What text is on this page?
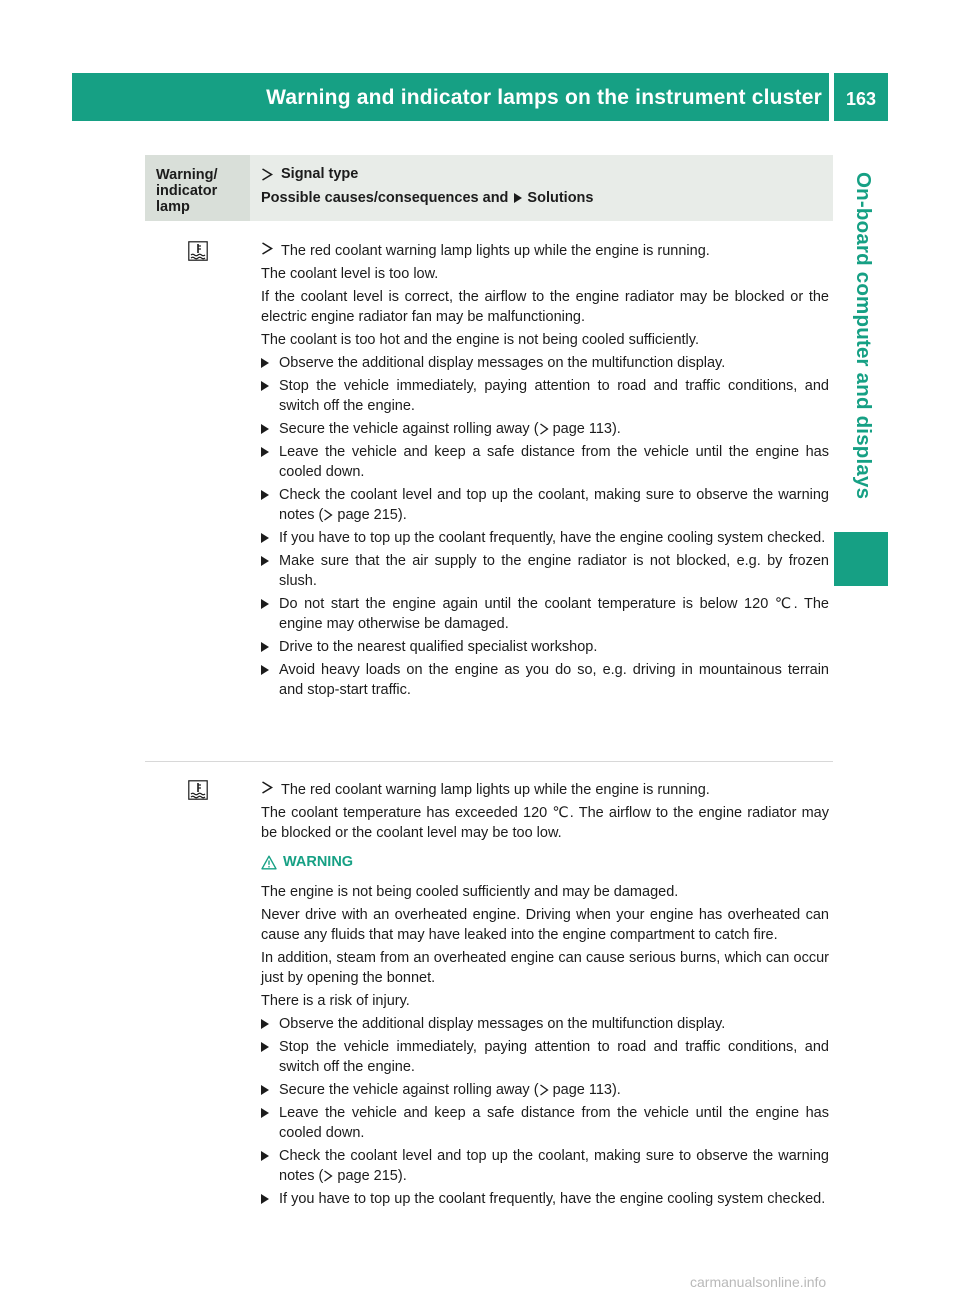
Warning and indicator lamps on the instrument cluster	163
On-board computer and displays
Warning/ indicator lamp
Signal type
Possible causes/consequences and Solutions

The red coolant warning lamp lights up while the engine is running.

The coolant level is too low.

If the coolant level is correct, the airflow to the engine radiator may be blocked or the electric engine radiator fan may be malfunctioning.

The coolant is too hot and the engine is not being cooled sufficiently.

Observe the additional display messages on the multifunction display.
Stop the vehicle immediately, paying attention to road and traffic conditions, and switch off the engine.
Secure the vehicle against rolling away ( page 113).
Leave the vehicle and keep a safe distance from the vehicle until the engine has cooled down.
Check the coolant level and top up the coolant, making sure to observe the warning notes ( page 215).
If you have to top up the coolant frequently, have the engine cooling system checked.
Make sure that the air supply to the engine radiator is not blocked, e.g. by frozen slush.
Do not start the engine again until the coolant temperature is below 120 ℃. The engine may otherwise be damaged.
Drive to the nearest qualified specialist workshop.
Avoid heavy loads on the engine as you do so, e.g. driving in mountainous terrain and stop-start traffic.

The red coolant warning lamp lights up while the engine is running.

The coolant temperature has exceeded 120 ℃. The airflow to the engine radiator may be blocked or the coolant level may be too low.

WARNING

The engine is not being cooled sufficiently and may be damaged.

Never drive with an overheated engine. Driving when your engine has overheated can cause any fluids that may have leaked into the engine compartment to catch fire.

In addition, steam from an overheated engine can cause serious burns, which can occur just by opening the bonnet.

There is a risk of injury.

Observe the additional display messages on the multifunction display.
Stop the vehicle immediately, paying attention to road and traffic conditions, and switch off the engine.
Secure the vehicle against rolling away ( page 113).
Leave the vehicle and keep a safe distance from the vehicle until the engine has cooled down.
Check the coolant level and top up the coolant, making sure to observe the warning notes ( page 215).
If you have to top up the coolant frequently, have the engine cooling system checked.
carmanualsonline.info
